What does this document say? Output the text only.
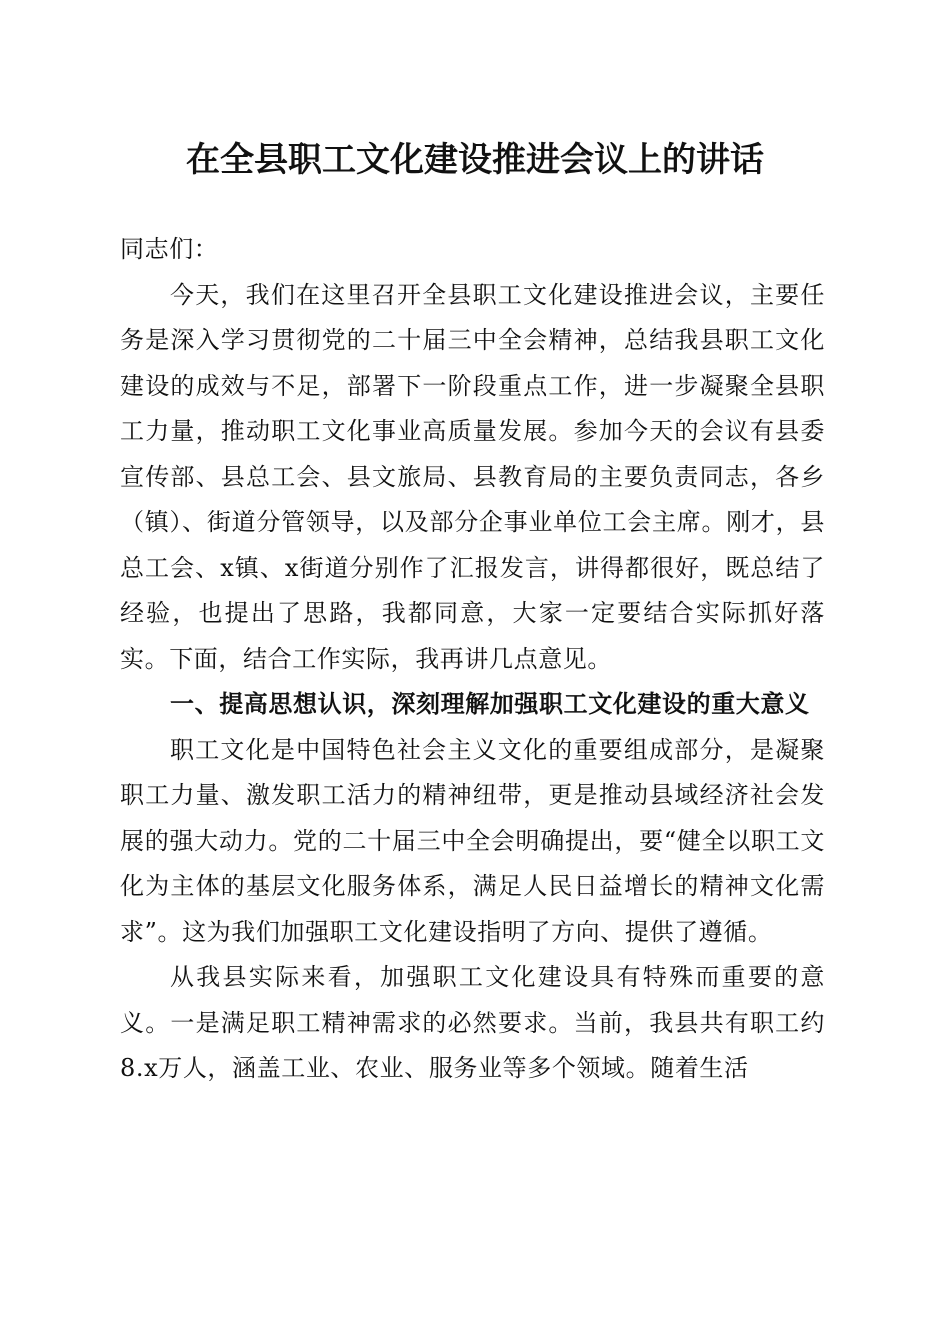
在全县职工文化建设推进会议上的讲话

同志们：

今天，我们在这里召开全县职工文化建设推进会议，主要任务是深入学习贯彻党的二十届三中全会精神，总结我县职工文化建设的成效与不足，部署下一阶段重点工作，进一步凝聚全县职工力量，推动职工文化事业高质量发展。参加今天的会议有县委宣传部、县总工会、县文旅局、县教育局的主要负责同志，各乡（镇）、街道分管领导，以及部分企事业单位工会主席。刚才，县总工会、x镇、x街道分别作了汇报发言，讲得都很好，既总结了经验，也提出了思路，我都同意，大家一定要结合实际抓好落实。下面，结合工作实际，我再讲几点意见。

一、提高思想认识，深刻理解加强职工文化建设的重大意义

职工文化是中国特色社会主义文化的重要组成部分，是凝聚职工力量、激发职工活力的精神纽带，更是推动县域经济社会发展的强大动力。党的二十届三中全会明确提出，要“健全以职工文化为主体的基层文化服务体系，满足人民日益增长的精神文化需求”。这为我们加强职工文化建设指明了方向、提供了遵循。

从我县实际来看，加强职工文化建设具有特殊而重要的意义。一是满足职工精神需求的必然要求。当前，我县共有职工约8.x万人，涵盖工业、农业、服务业等多个领域。随着生活
